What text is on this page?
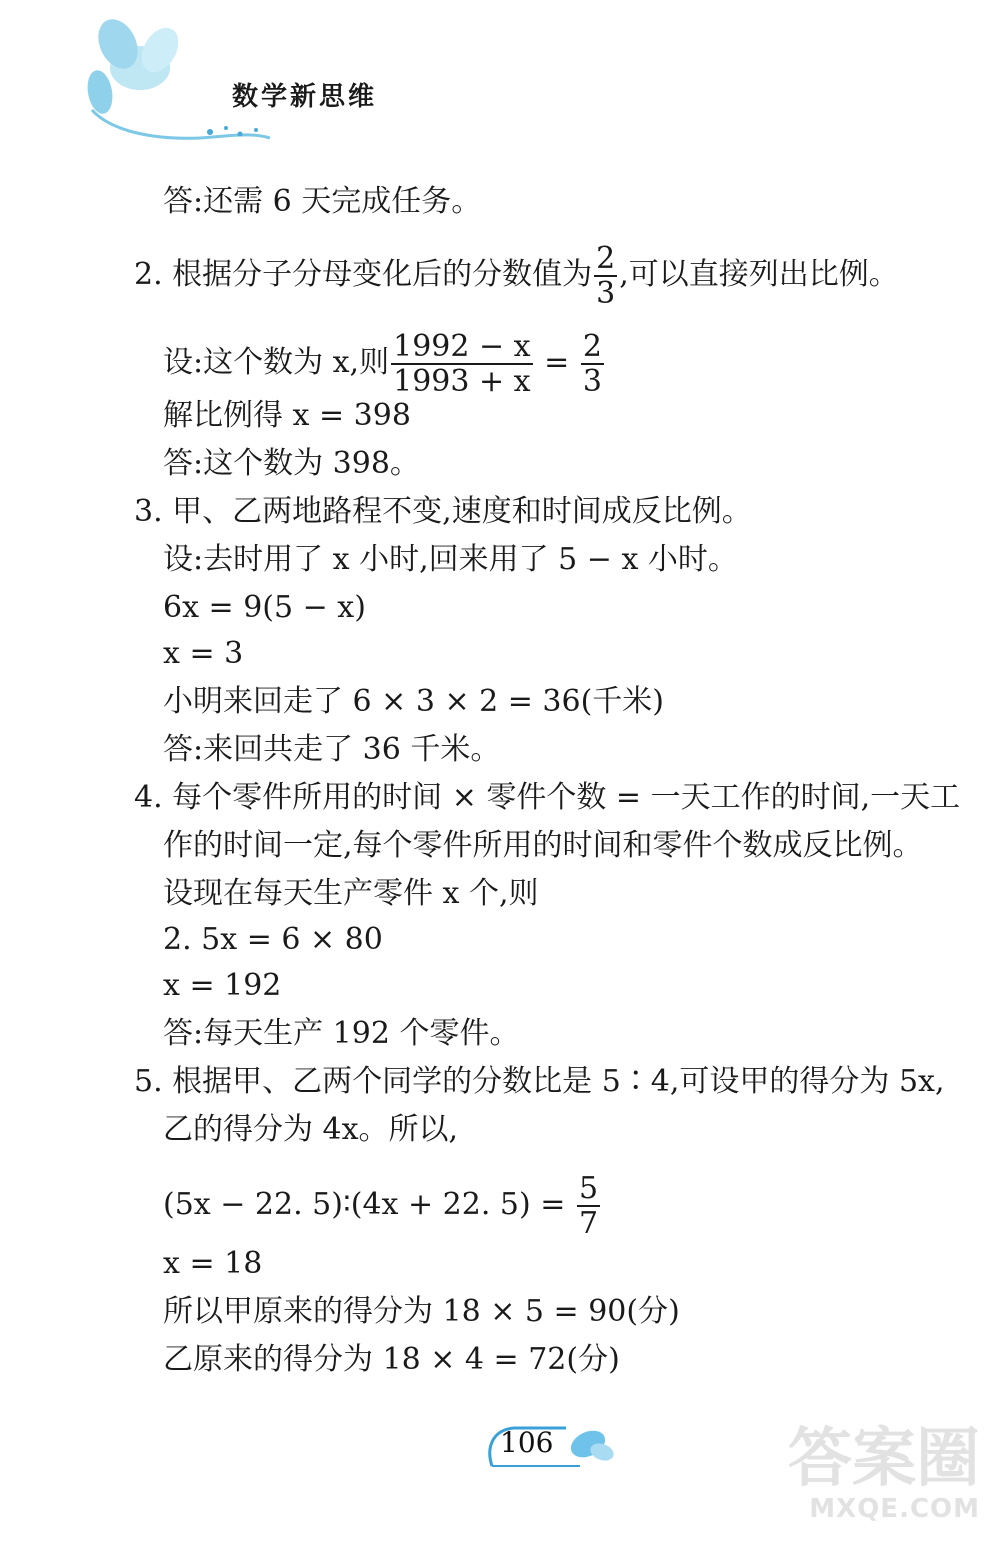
数学新思维
答:还需 6 天完成任务。
2. 根据分子分母变化后的分数值为 $\frac{2}{3}$ ,可以直接列出比例。
设:这个数为 x,则 $\frac{1992 - x}{1993 + x} = \frac{2}{3}$
解比例得 x = 398
答:这个数为 398。
3. 甲、乙两地路程不变,速度和时间成反比例。
设:去时用了 x 小时,回来用了 5 − x 小时。
6x = 9(5 − x)
x = 3
小明来回走了 6 × 3 × 2 = 36(千米)
答:来回共走了 36 千米。
4. 每个零件所用的时间 × 零件个数 = 一天工作的时间,一天工
作的时间一定,每个零件所用的时间和零件个数成反比例。
设现在每天生产零件 x 个,则
2. 5x = 6 × 80
x = 192
答:每天生产 192 个零件。
5. 根据甲、乙两个同学的分数比是 5∶4,可设甲的得分为 5x,
乙的得分为 4x。所以,
(5x − 22. 5)∶(4x + 22. $5) = \frac{5}{7}$
x = 18
所以甲原来的得分为 18 × 5 = 90(分)
乙原来的得分为 18 × 4 = 72(分)
106	答案圈
MXQE.COM
